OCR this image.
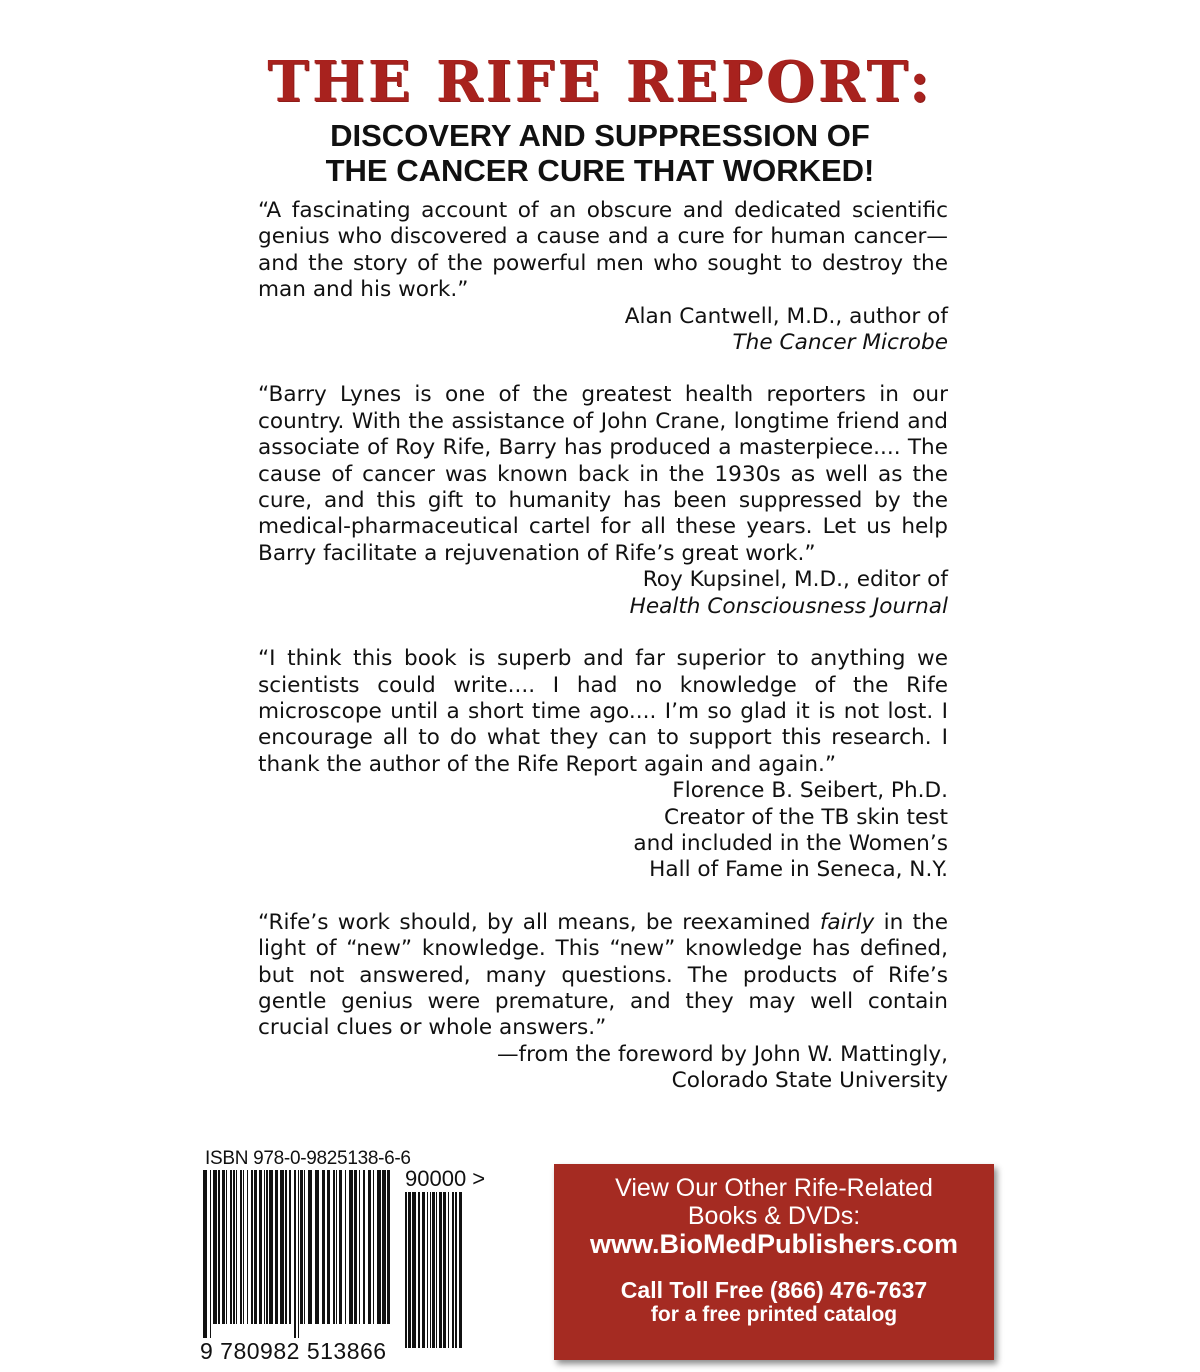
THE RIFE REPORT:
DISCOVERY AND SUPPRESSION OF
THE CANCER CURE THAT WORKED!

“A fascinating account of an obscure and dedicated scientific genius who discovered a cause and a cure for human cancer—and the story of the powerful men who sought to destroy the man and his work.”

Alan Cantwell, M.D., author of
The Cancer Microbe

“Barry Lynes is one of the greatest health reporters in our country. With the assistance of John Crane, longtime friend and associate of Roy Rife, Barry has produced a masterpiece.... The cause of cancer was known back in the 1930s as well as the cure, and this gift to humanity has been suppressed by the medical-pharmaceutical cartel for all these years. Let us help Barry facilitate a rejuvenation of Rife’s great work.”

Roy Kupsinel, M.D., editor of
Health Consciousness Journal

“I think this book is superb and far superior to anything we scientists could write.... I had no knowledge of the Rife microscope until a short time ago.... I’m so glad it is not lost. I encourage all to do what they can to support this research. I thank the author of the Rife Report again and again.”

Florence B. Seibert, Ph.D.
Creator of the TB skin test
and included in the Women’s
Hall of Fame in Seneca, N.Y.

“Rife’s work should, by all means, be reexamined fairly in the light of “new” knowledge. This “new” knowledge has defined, but not answered, many questions. The products of Rife’s gentle genius were premature, and they may well contain crucial clues or whole answers.”

—from the foreword by John W. Mattingly,
Colorado State University
ISBN 978-0-9825138-6-6
9 780982 513866
90000 >	View Our Other Rife-Related
Books & DVDs:
www.BioMedPublishers.com
Call Toll Free (866) 476-7637
for a free printed catalog
